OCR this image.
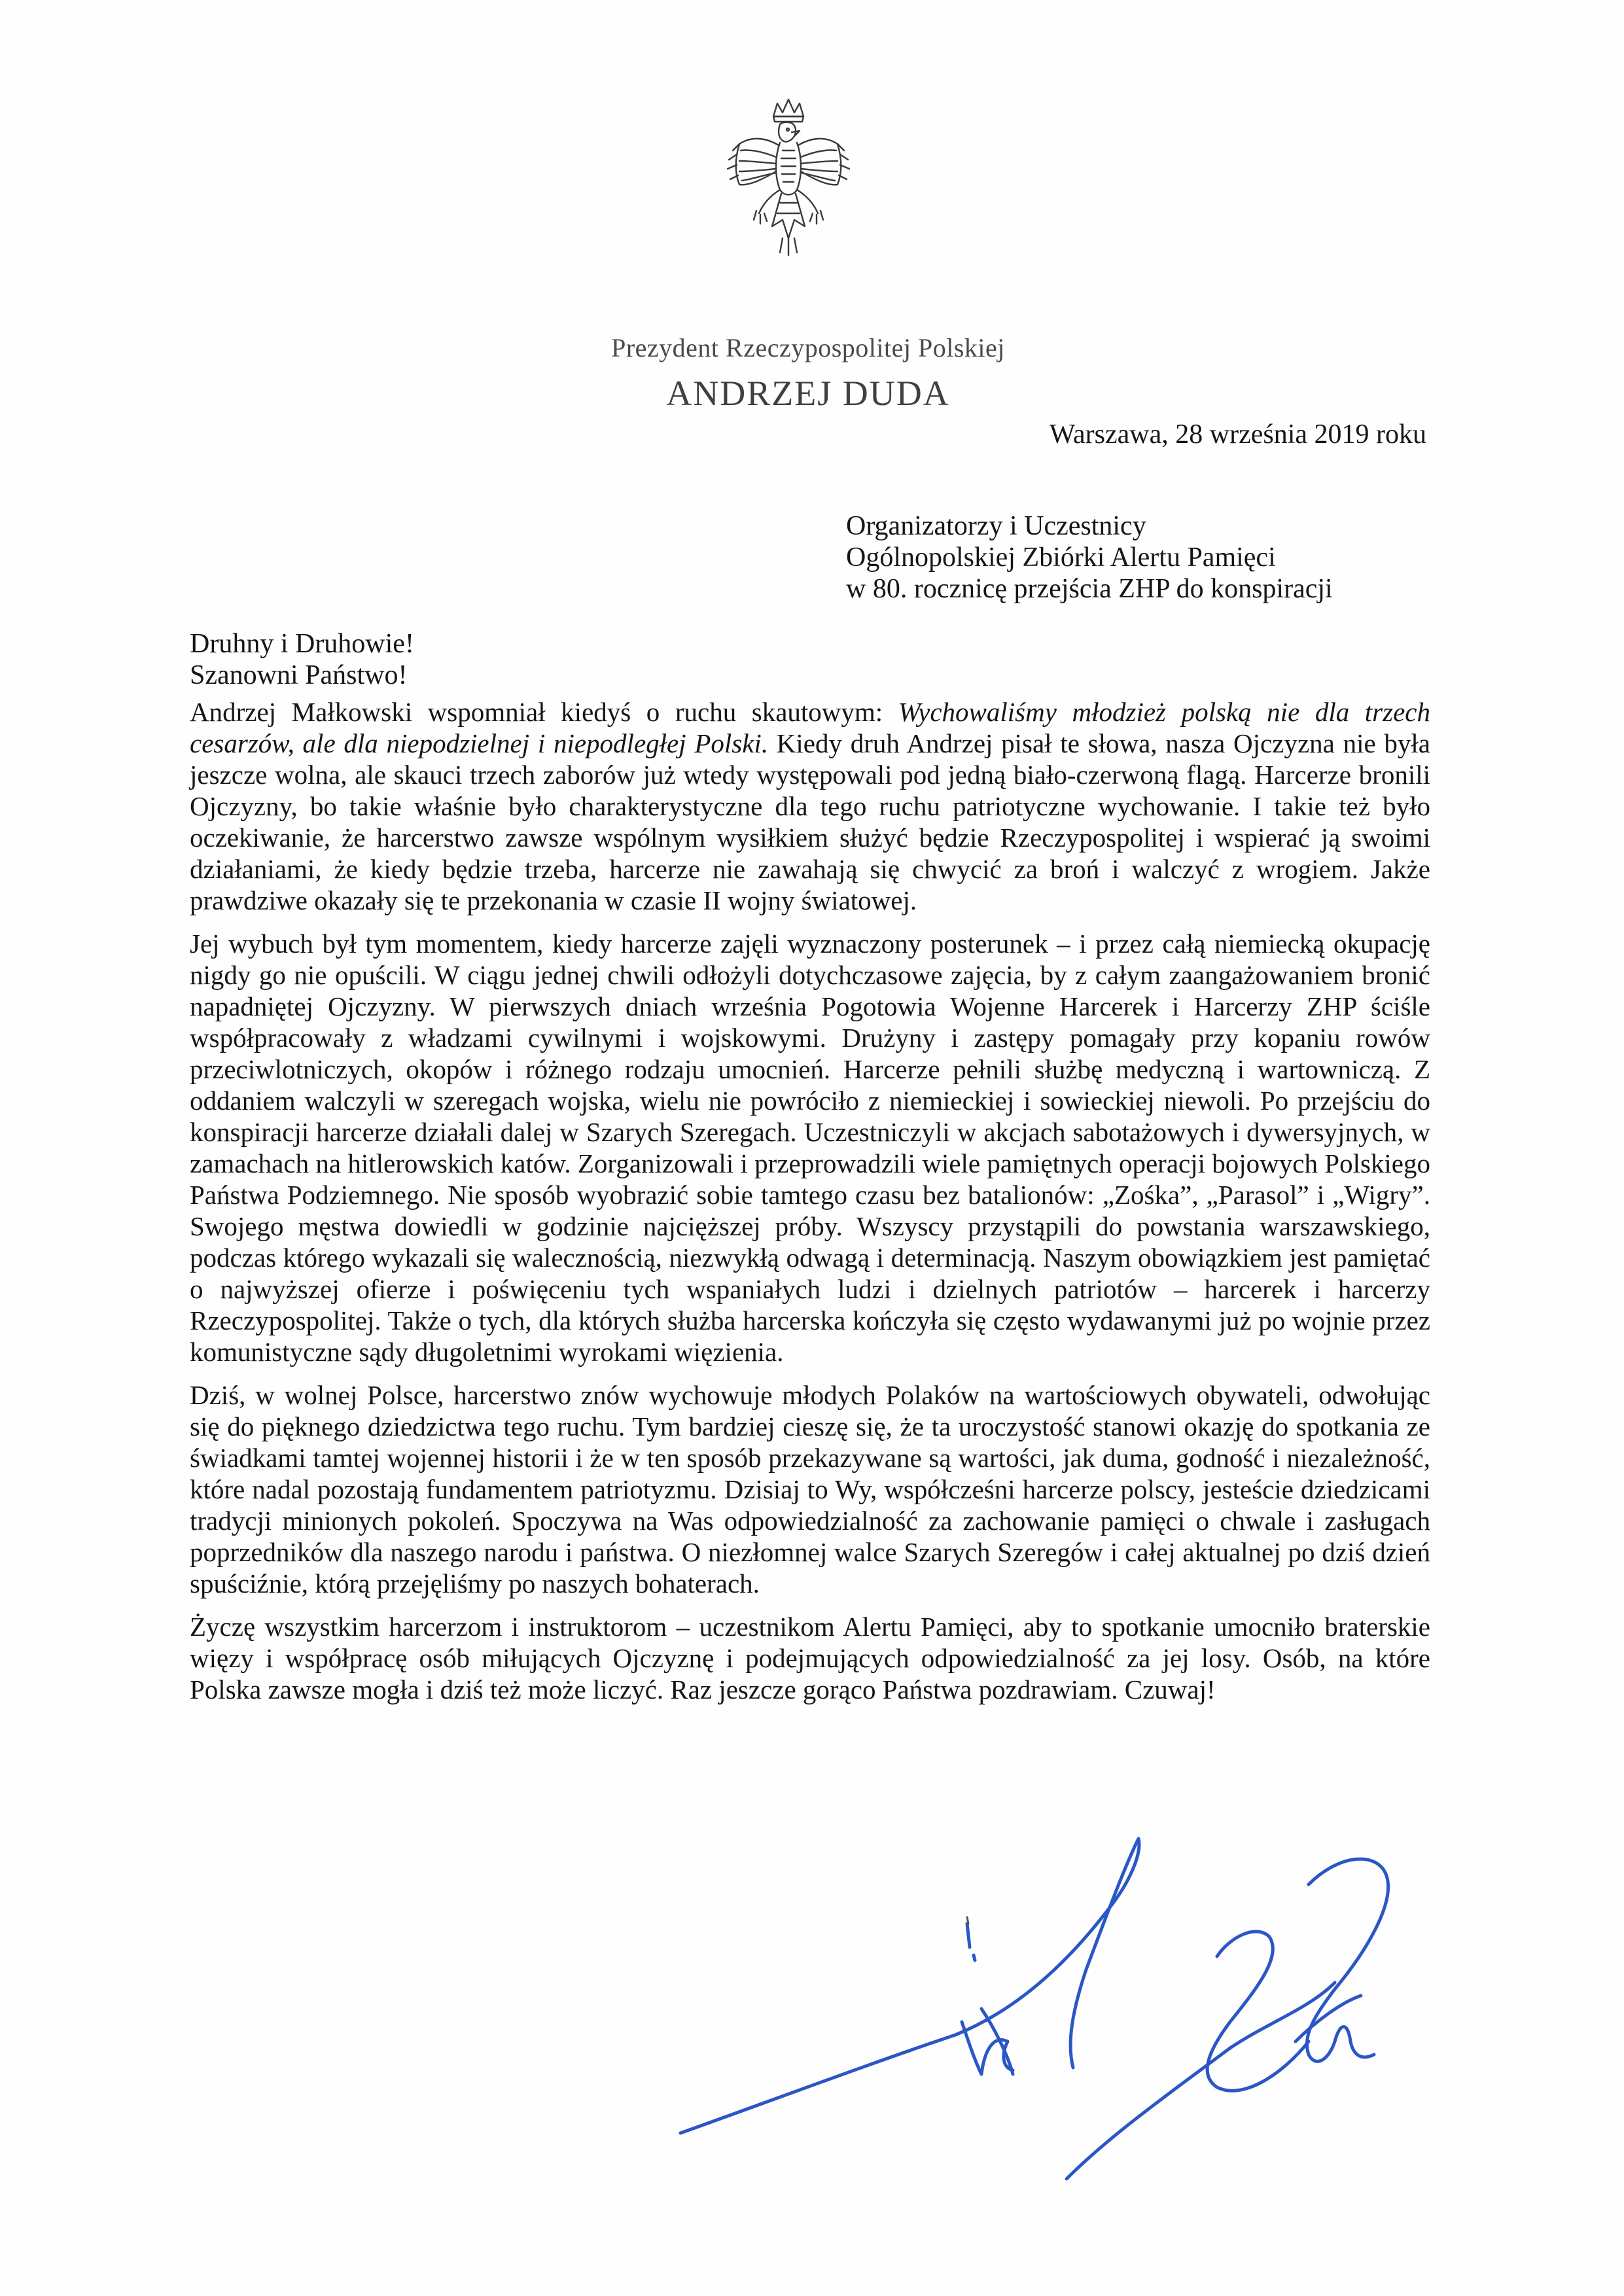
Prezydent Rzeczypospolitej Polskiej
ANDRZEJ DUDA
Warszawa, 28 września 2019 roku
Organizatorzy i Uczestnicy
Ogólnopolskiej Zbiórki Alertu Pamięci
w 80. rocznicę przejścia ZHP do konspiracji
Druhny i Druhowie!
Szanowni Państwo!

Andrzej Małkowski wspomniał kiedyś o ruchu skautowym: Wychowaliśmy młodzież polską nie dla trzech cesarzów, ale dla niepodzielnej i niepodległej Polski. Kiedy druh Andrzej pisał te słowa, nasza Ojczyzna nie była jeszcze wolna, ale skauci trzech zaborów już wtedy występowali pod jedną biało-czerwoną flagą. Harcerze bronili Ojczyzny, bo takie właśnie było charakterystyczne dla tego ruchu patriotyczne wychowanie. I takie też było oczekiwanie, że harcerstwo zawsze wspólnym wysiłkiem służyć będzie Rzeczypospolitej i wspierać ją swoimi działaniami, że kiedy będzie trzeba, harcerze nie zawahają się chwycić za broń i walczyć z wrogiem. Jakże prawdziwe okazały się te przekonania w czasie II wojny światowej.

Jej wybuch był tym momentem, kiedy harcerze zajęli wyznaczony posterunek – i przez całą niemiecką okupację nigdy go nie opuścili. W ciągu jednej chwili odłożyli dotychczasowe zajęcia, by z całym zaangażowaniem bronić napadniętej Ojczyzny. W pierwszych dniach września Pogotowia Wojenne Harcerek i Harcerzy ZHP ściśle współpracowały z władzami cywilnymi i wojskowymi. Drużyny i zastępy pomagały przy kopaniu rowów przeciwlotniczych, okopów i różnego rodzaju umocnień. Harcerze pełnili służbę medyczną i wartowniczą. Z oddaniem walczyli w szeregach wojska, wielu nie powróciło z niemieckiej i sowieckiej niewoli. Po przejściu do konspiracji harcerze działali dalej w Szarych Szeregach. Uczestniczyli w akcjach sabotażowych i dywersyjnych, w zamachach na hitlerowskich katów. Zorganizowali i przeprowadzili wiele pamiętnych operacji bojowych Polskiego Państwa Podziemnego. Nie sposób wyobrazić sobie tamtego czasu bez batalionów: „Zośka”, „Parasol” i „Wigry”. Swojego męstwa dowiedli w godzinie najcięższej próby. Wszyscy przystąpili do powstania warszawskiego, podczas którego wykazali się walecznością, niezwykłą odwagą i determinacją. Naszym obowiązkiem jest pamiętać o najwyższej ofierze i poświęceniu tych wspaniałych ludzi i dzielnych patriotów – harcerek i harcerzy Rzeczypospolitej. Także o tych, dla których służba harcerska kończyła się często wydawanymi już po wojnie przez komunistyczne sądy długoletnimi wyrokami więzienia.

Dziś, w wolnej Polsce, harcerstwo znów wychowuje młodych Polaków na wartościowych obywateli, odwołując się do pięknego dziedzictwa tego ruchu. Tym bardziej cieszę się, że ta uroczystość stanowi okazję do spotkania ze świadkami tamtej wojennej historii i że w ten sposób przekazywane są wartości, jak duma, godność i niezależność, które nadal pozostają fundamentem patriotyzmu. Dzisiaj to Wy, współcześni harcerze polscy, jesteście dziedzicami tradycji minionych pokoleń. Spoczywa na Was odpowiedzialność za zachowanie pamięci o chwale i zasługach poprzedników dla naszego narodu i państwa. O niezłomnej walce Szarych Szeregów i całej aktualnej po dziś dzień spuściźnie, którą przejęliśmy po naszych bohaterach.

Życzę wszystkim harcerzom i instruktorom – uczestnikom Alertu Pamięci, aby to spotkanie umocniło braterskie więzy i współpracę osób miłujących Ojczyznę i podejmujących odpowiedzialność za jej losy. Osób, na które Polska zawsze mogła i dziś też może liczyć. Raz jeszcze gorąco Państwa pozdrawiam. Czuwaj!
